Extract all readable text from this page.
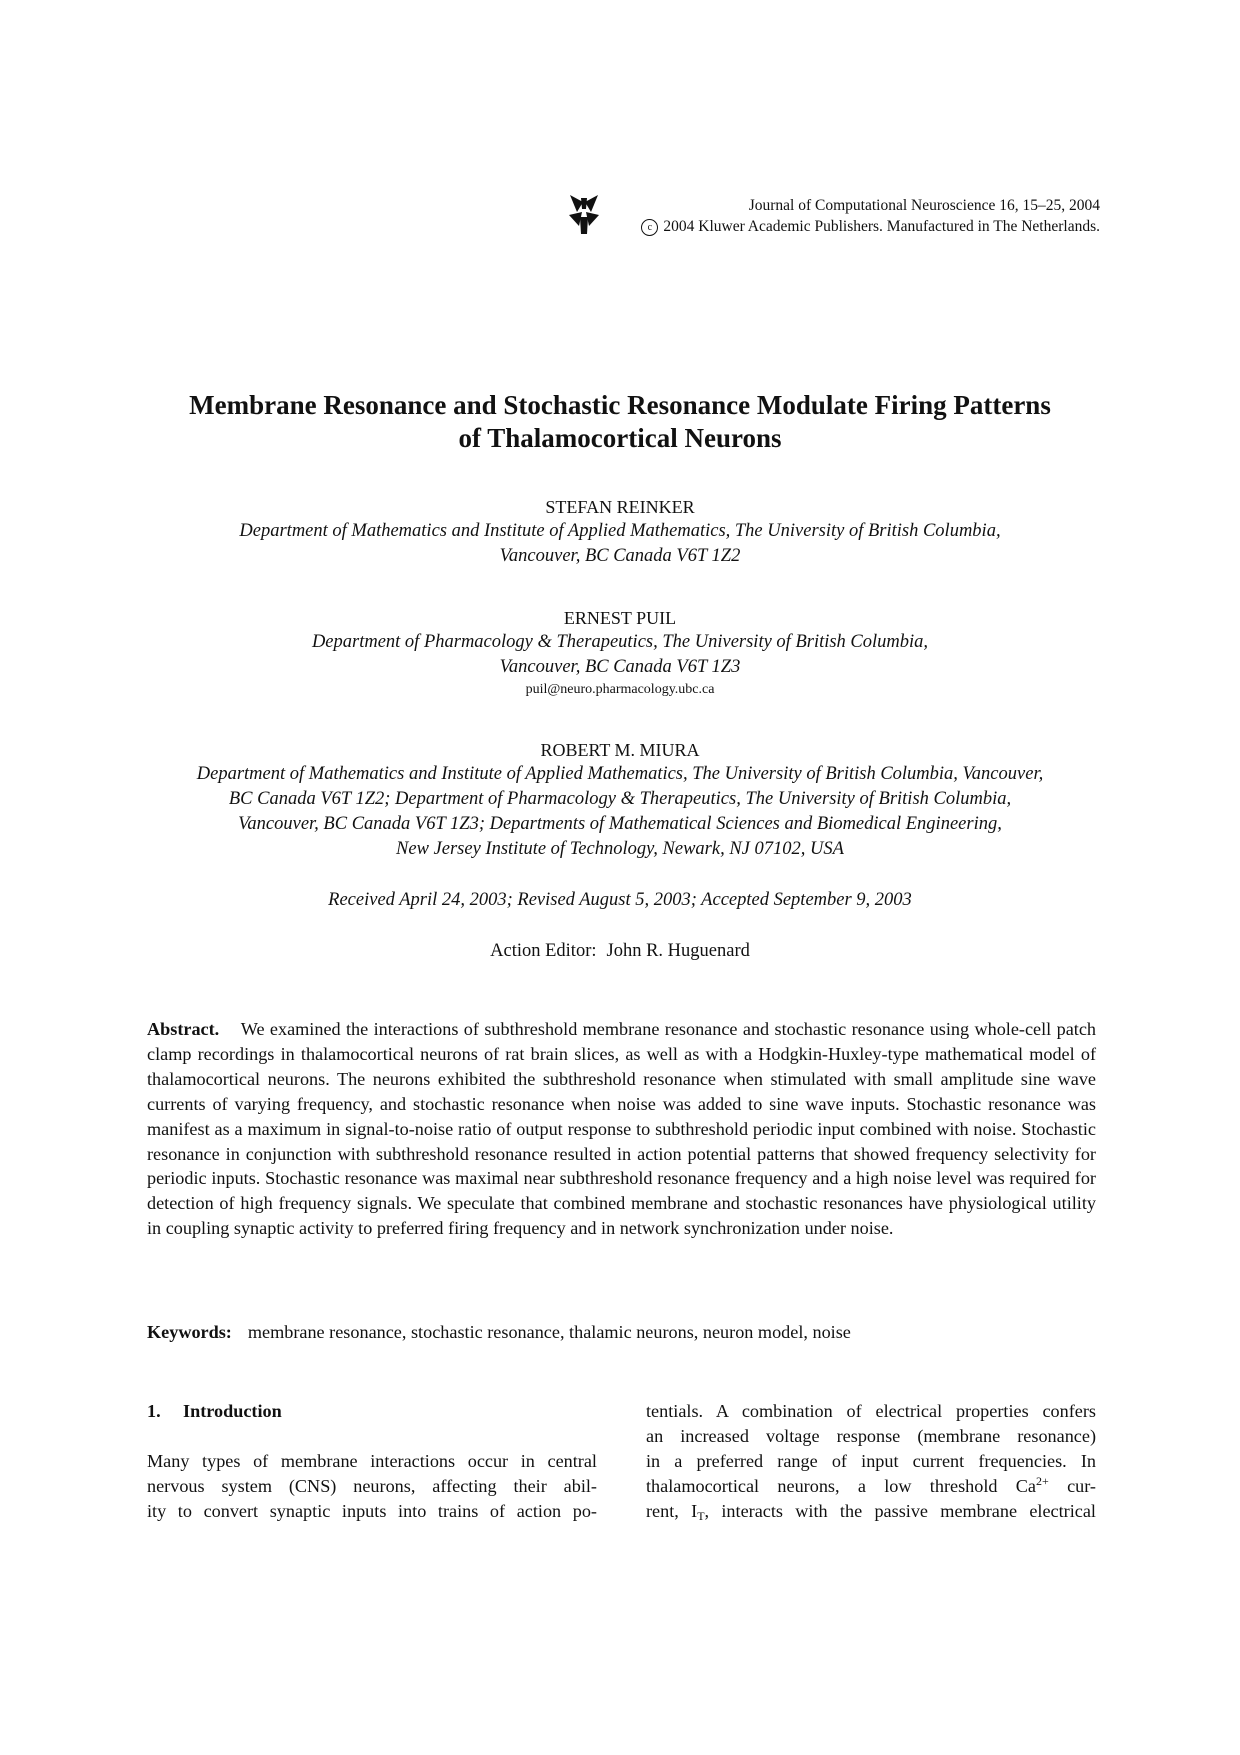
Journal of Computational Neuroscience 16, 15–25, 2004
c 2004 Kluwer Academic Publishers. Manufactured in The Netherlands.
Membrane Resonance and Stochastic Resonance Modulate Firing Patterns
of Thalamocortical Neurons
STEFAN REINKER
Department of Mathematics and Institute of Applied Mathematics, The University of British Columbia,
Vancouver, BC Canada V6T 1Z2
ERNEST PUIL
Department of Pharmacology & Therapeutics, The University of British Columbia,
Vancouver, BC Canada V6T 1Z3
puil@neuro.pharmacology.ubc.ca
ROBERT M. MIURA
Department of Mathematics and Institute of Applied Mathematics, The University of British Columbia, Vancouver,
BC Canada V6T 1Z2; Department of Pharmacology & Therapeutics, The University of British Columbia,
Vancouver, BC Canada V6T 1Z3; Departments of Mathematical Sciences and Biomedical Engineering,
New Jersey Institute of Technology, Newark, NJ 07102, USA
Received April 24, 2003; Revised August 5, 2003; Accepted September 9, 2003
Action Editor: John R. Huguenard
Abstract. We examined the interactions of subthreshold membrane resonance and stochastic resonance using whole-cell patch clamp recordings in thalamocortical neurons of rat brain slices, as well as with a Hodgkin-Huxley-type mathematical model of thalamocortical neurons. The neurons exhibited the subthreshold resonance when stimulated with small amplitude sine wave currents of varying frequency, and stochastic resonance when noise was added to sine wave inputs. Stochastic resonance was manifest as a maximum in signal-to-noise ratio of output response to subthreshold periodic input combined with noise. Stochastic resonance in conjunction with subthreshold resonance resulted in action potential patterns that showed frequency selectivity for periodic inputs. Stochastic resonance was maximal near subthreshold resonance frequency and a high noise level was required for detection of high frequency signals. We speculate that combined membrane and stochastic resonances have physiological utility in coupling synaptic activity to preferred firing frequency and in network synchronization under noise.
Keywords: membrane resonance, stochastic resonance, thalamic neurons, neuron model, noise
1. Introduction
Many types of membrane interactions occur in central
nervous system (CNS) neurons, affecting their abil-
ity to convert synaptic inputs into trains of action po-
tentials. A combination of electrical properties confers
an increased voltage response (membrane resonance)
in a preferred range of input current frequencies. In
thalamocortical neurons, a low threshold $Ca^{2+}$ cur-
rent, $I_T$, interacts with the passive membrane electrical
